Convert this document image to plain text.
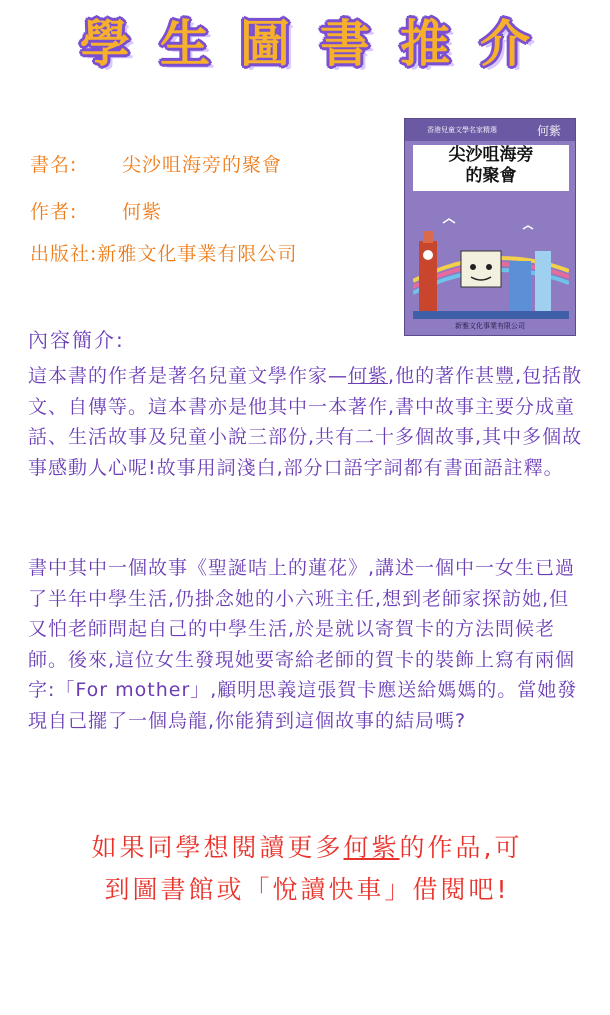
學生圖書推介
書名: 尖沙咀海旁的聚會
作者: 何紫
出版社:新雅文化事業有限公司
香港兒童文學名家精選	何紫
尖沙咀海旁
的聚會
新雅文化事業有限公司
內容簡介:
這本書的作者是著名兒童文學作家—何紫,他的著作甚豐,包括散文、自傳等。這本書亦是他其中一本著作,書中故事主要分成童話、生活故事及兒童小說三部份,共有二十多個故事,其中多個故事感動人心呢!故事用詞淺白,部分口語字詞都有書面語註釋。
書中其中一個故事《聖誕咭上的蓮花》,講述一個中一女生已過了半年中學生活,仍掛念她的小六班主任,想到老師家探訪她,但又怕老師問起自己的中學生活,於是就以寄賀卡的方法問候老師。後來,這位女生發現她要寄給老師的賀卡的裝飾上寫有兩個字:「For mother」,顧明思義這張賀卡應送給媽媽的。當她發現自己擺了一個烏龍,你能猜到這個故事的結局嗎?
如果同學想閱讀更多何紫的作品,可
到圖書館或「悅讀快車」借閱吧!
